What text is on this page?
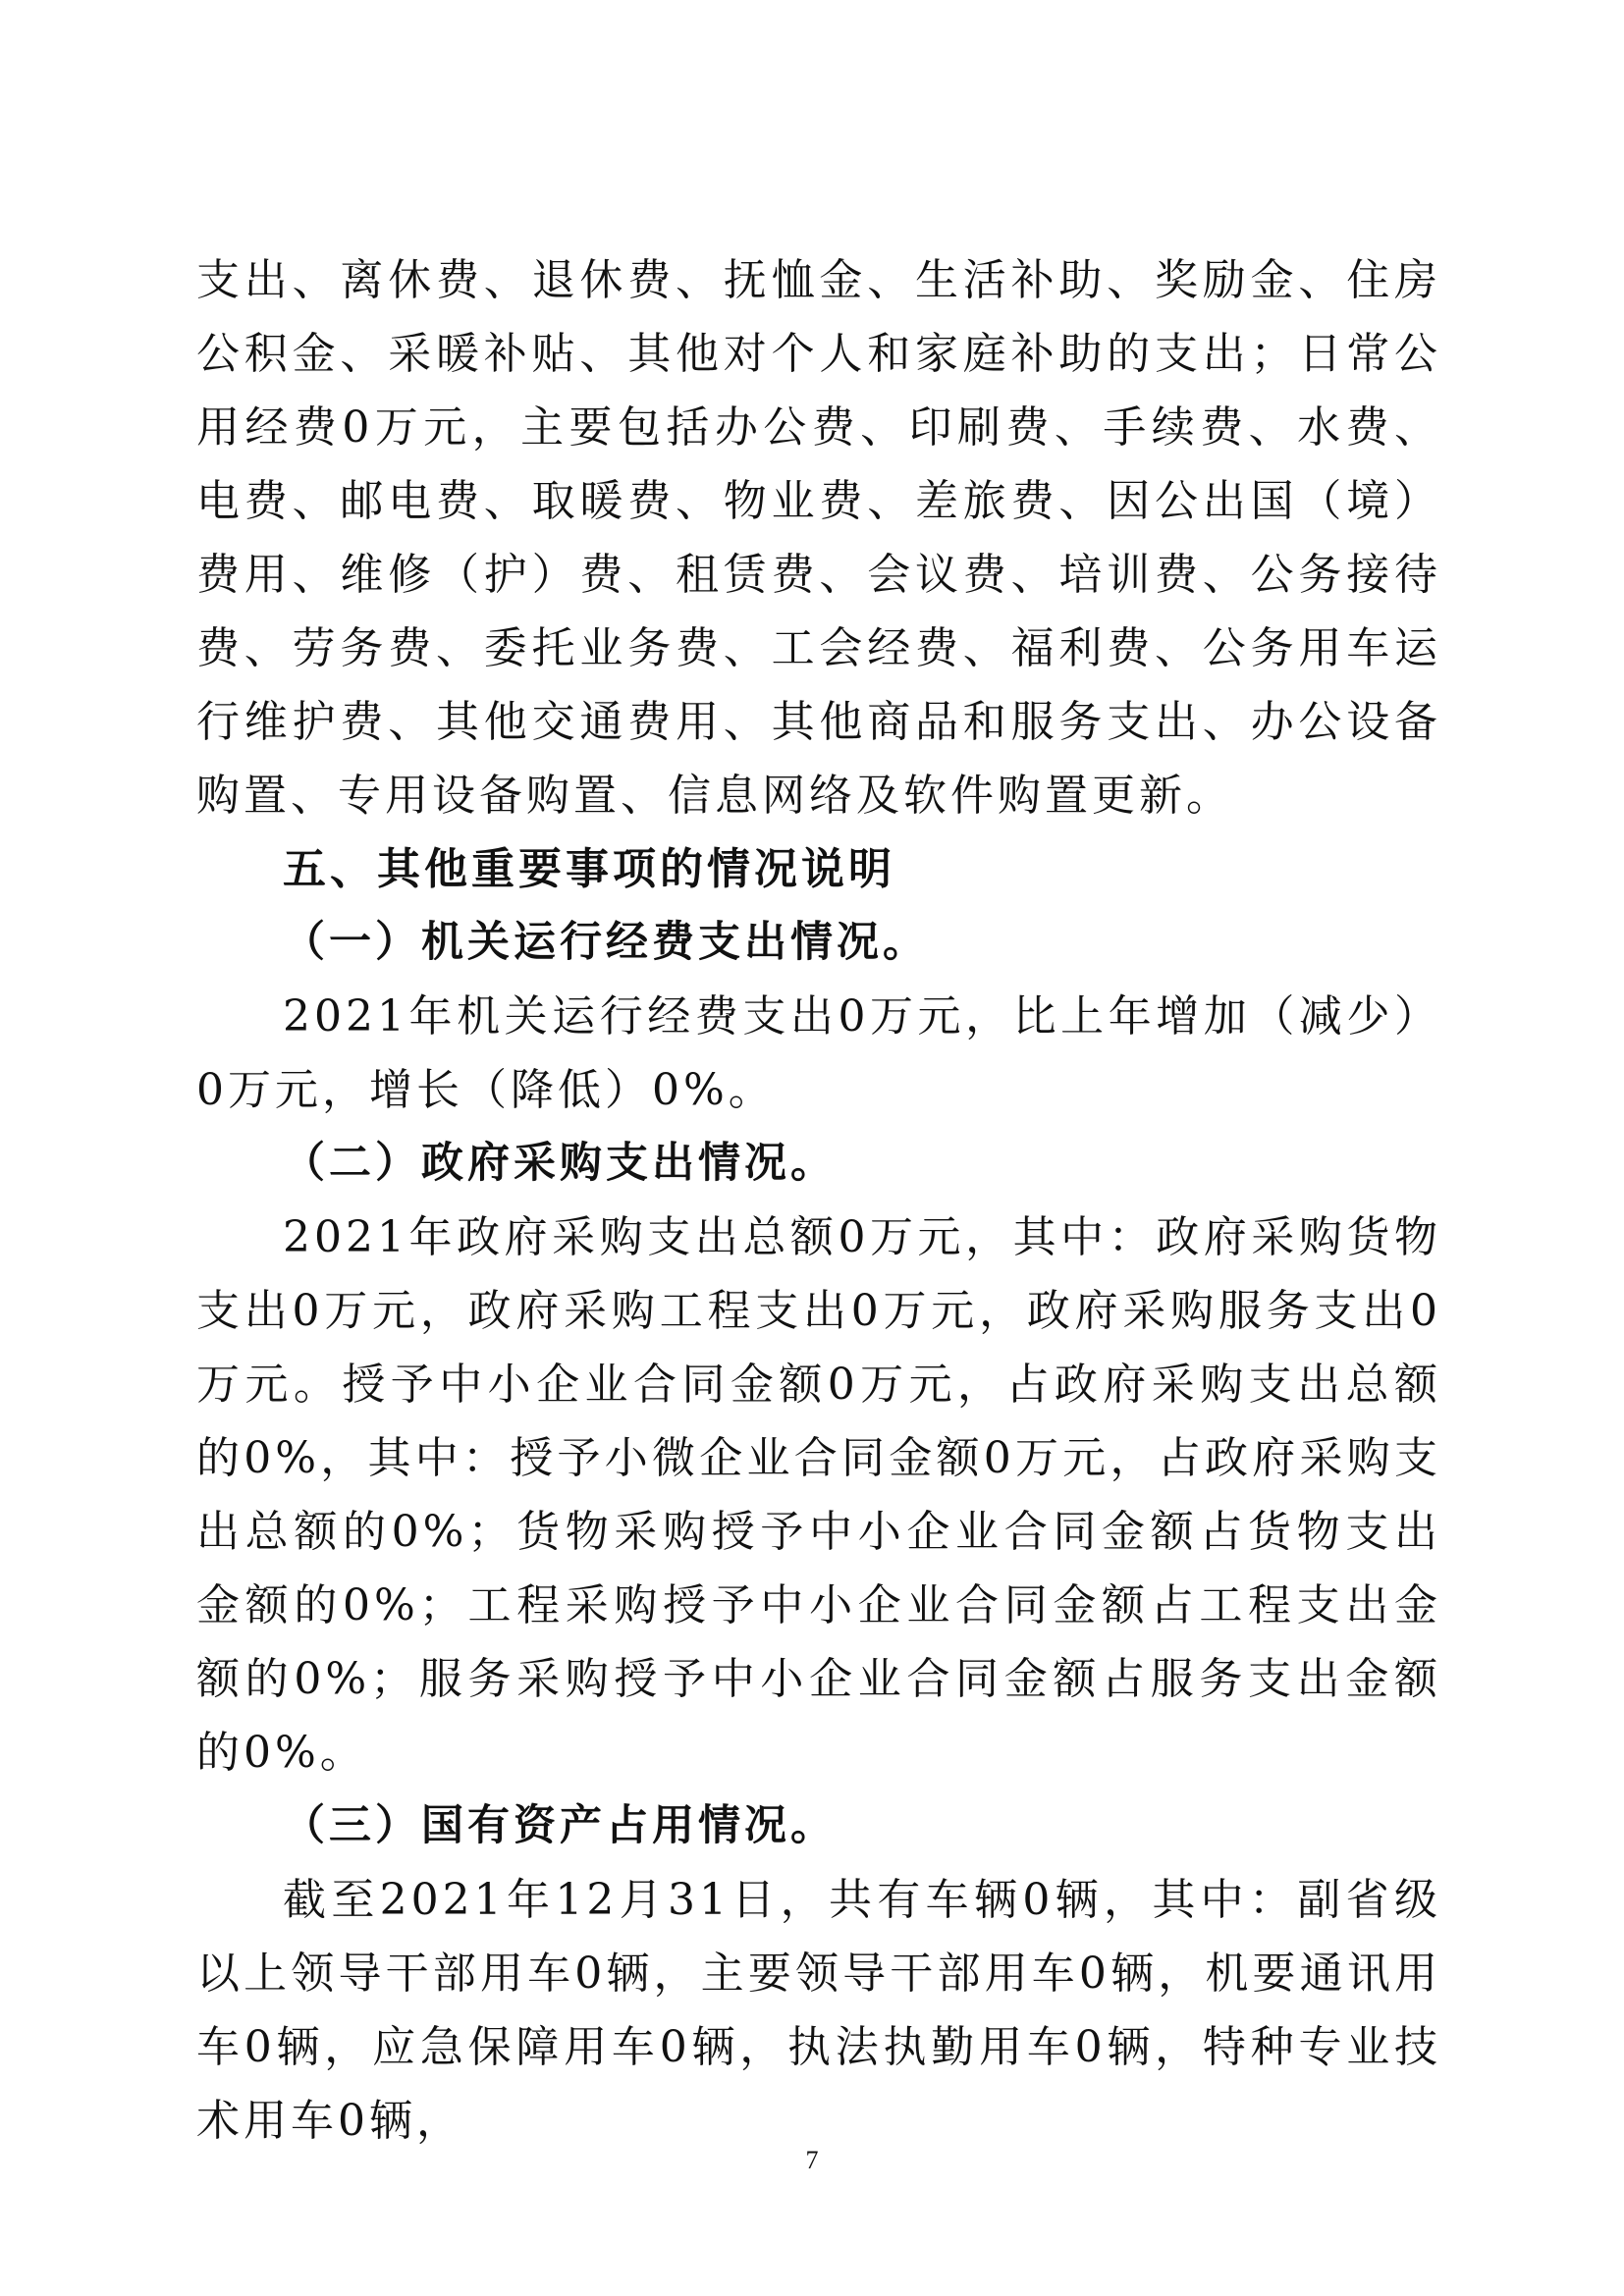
支出、离休费、退休费、抚恤金、生活补助、奖励金、住房公积金、采暖补贴、其他对个人和家庭补助的支出；日常公用经费0万元，主要包括办公费、印刷费、手续费、水费、电费、邮电费、取暖费、物业费、差旅费、因公出国（境）费用、维修（护）费、租赁费、会议费、培训费、公务接待费、劳务费、委托业务费、工会经费、福利费、公务用车运行维护费、其他交通费用、其他商品和服务支出、办公设备购置、专用设备购置、信息网络及软件购置更新。

五、其他重要事项的情况说明

（一）机关运行经费支出情况。

2021年机关运行经费支出0万元，比上年增加（减少）0万元，增长（降低）0%。

（二）政府采购支出情况。

2021年政府采购支出总额0万元，其中：政府采购货物支出0万元，政府采购工程支出0万元，政府采购服务支出0万元。授予中小企业合同金额0万元，占政府采购支出总额的0%，其中：授予小微企业合同金额0万元，占政府采购支出总额的0%；货物采购授予中小企业合同金额占货物支出金额的0%；工程采购授予中小企业合同金额占工程支出金额的0%；服务采购授予中小企业合同金额占服务支出金额的0%。

（三）国有资产占用情况。

截至2021年12月31日，共有车辆0辆，其中：副省级以上领导干部用车0辆，主要领导干部用车0辆，机要通讯用车0辆，应急保障用车0辆，执法执勤用车0辆，特种专业技术用车0辆，

7
